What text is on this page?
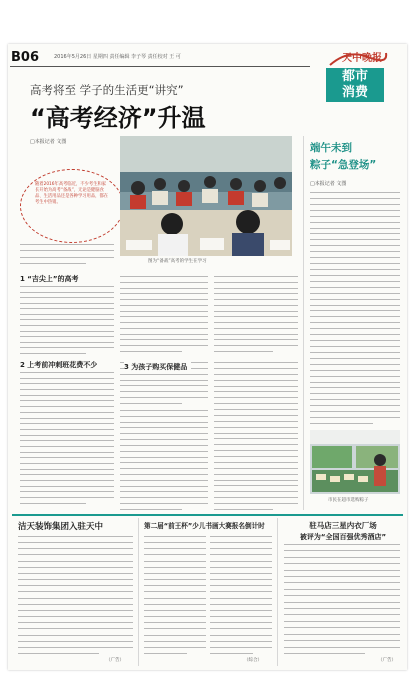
B06	2016年5月26日 星期四 责任编辑 李子琴 责任校对 王 可	天中晚报
都市
消费
高考将至 学子的生活更“讲究”
“高考经济”升温
□本报记者 文图
随着2016年高考临近，不少考生和家长开始为高考“备战”，无论是健脑食品、生活用品还是各种学习用品，都在考生中热销。
图为“备战”高考的学生在学习
1 “吉尖上”的高考
2 上考前冲刺班花费不少	3 为孩子购买保健品
端午未到
粽子“急登场”
□本报记者 文图
市民在超市选购粽子
洁天装饰集团入驻天中
（广告）
第二届“前王杯”少儿书画大赛报名倒计时
（综合）
驻马店三星内衣厂场
被评为“全国百强优秀酒店”
（广告）
